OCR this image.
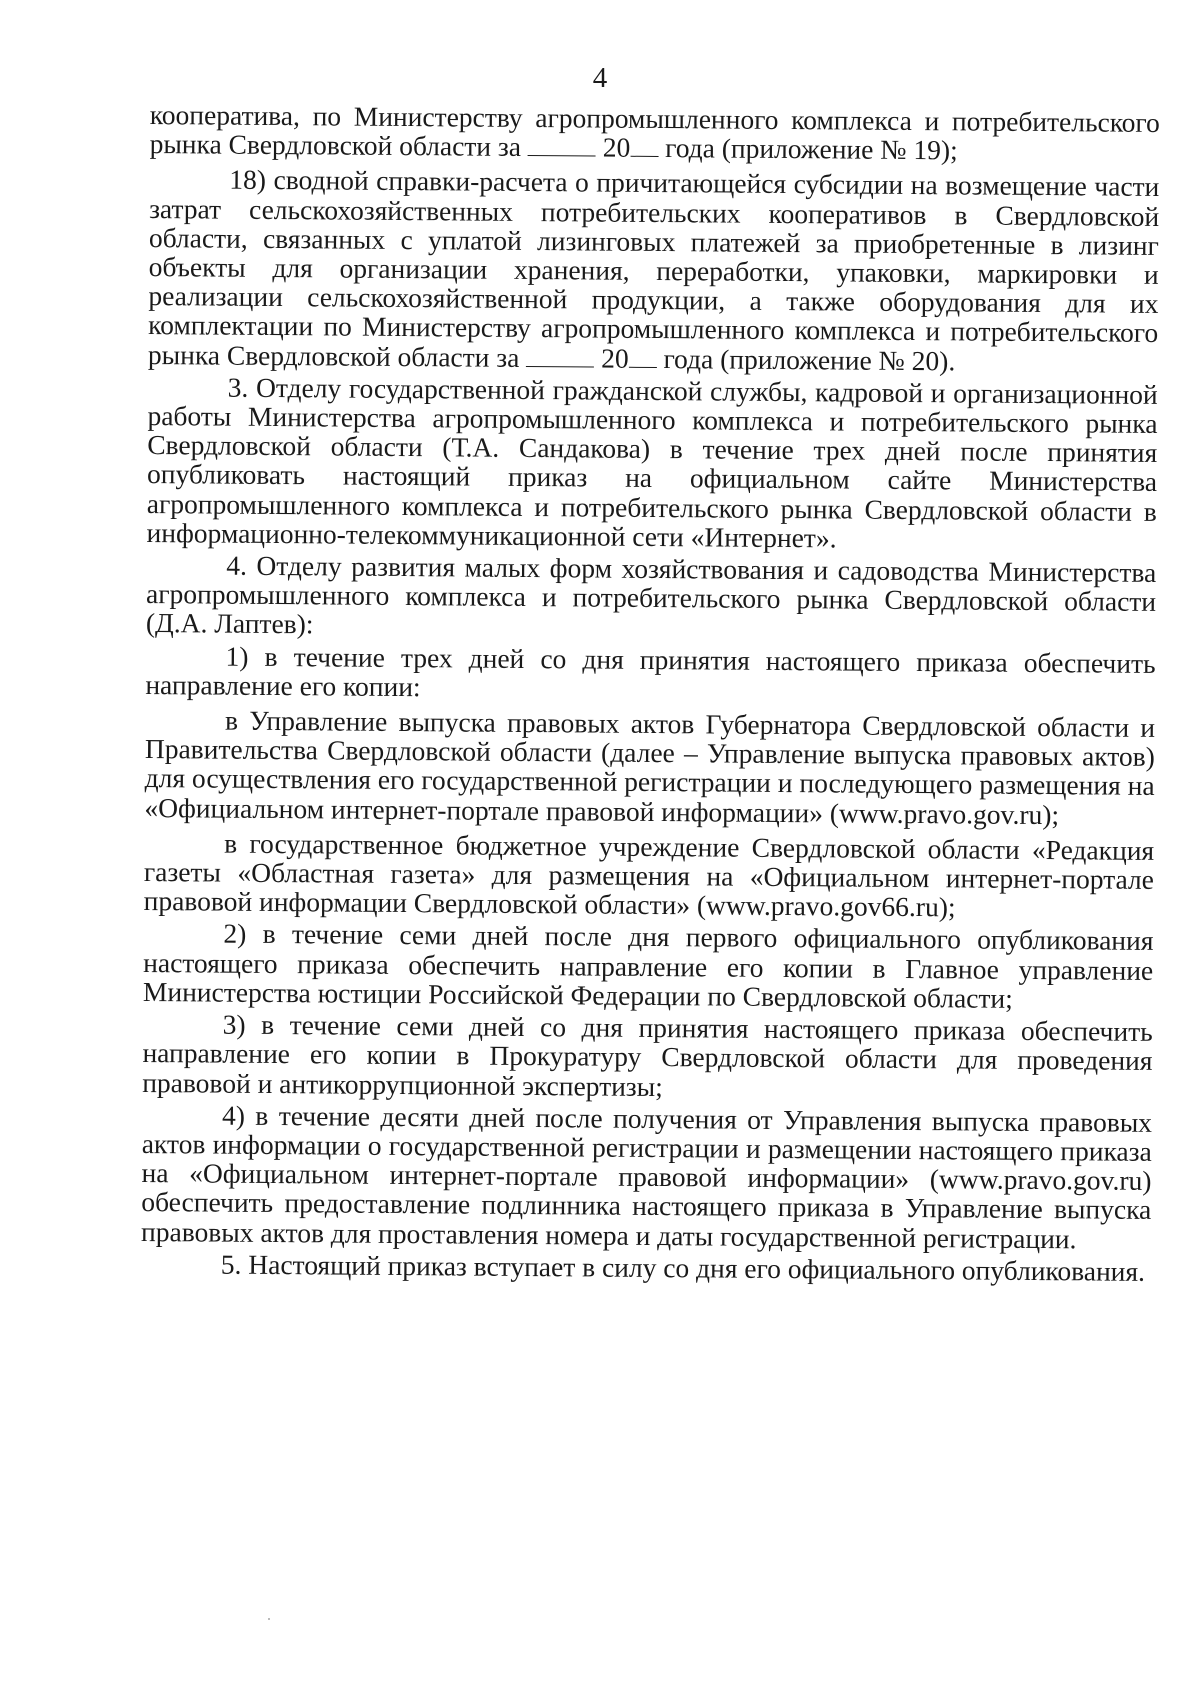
4

кооператива, по Министерству агропромышленного комплекса и потребительского рынка Свердловской области за	20 года (приложение № 19);

18) сводной справки-расчета о причитающейся субсидии на возмещение части затрат сельскохозяйственных потребительских кооперативов в Свердловской области, связанных с уплатой лизинговых платежей за приобретенные в лизинг объекты для организации хранения, переработки, упаковки, маркировки и реализации сельскохозяйственной продукции, а также оборудования для их комплектации по Министерству агропромышленного комплекса и потребительского рынка Свердловской области за	20 года (приложение № 20).

3. Отделу государственной гражданской службы, кадровой и организационной работы Министерства агропромышленного комплекса и потребительского рынка Свердловской области (Т.А. Сандакова) в течение трех дней после принятия опубликовать настоящий приказ на официальном сайте Министерства агропромышленного комплекса и потребительского рынка Свердловской области в информационно-телекоммуникационной сети «Интернет».

4. Отделу развития малых форм хозяйствования и садоводства Министерства агропромышленного комплекса и потребительского рынка Свердловской области (Д.А. Лаптев):

1) в течение трех дней со дня принятия настоящего приказа обеспечить направление его копии:

в Управление выпуска правовых актов Губернатора Свердловской области и Правительства Свердловской области (далее – Управление выпуска правовых актов) для осуществления его государственной регистрации и последующего размещения на «Официальном интернет-портале правовой информации» (www.pravo.gov.ru);

в государственное бюджетное учреждение Свердловской области «Редакция газеты «Областная газета» для размещения на «Официальном интернет-портале правовой информации Свердловской области» (www.pravo.gov66.ru);

2) в течение семи дней после дня первого официального опубликования настоящего приказа обеспечить направление его копии в Главное управление Министерства юстиции Российской Федерации по Свердловской области;

3) в течение семи дней со дня принятия настоящего приказа обеспечить направление его копии в Прокуратуру Свердловской области для проведения правовой и антикоррупционной экспертизы;

4) в течение десяти дней после получения от Управления выпуска правовых актов информации о государственной регистрации и размещении настоящего приказа на «Официальном интернет-портале правовой информации» (www.pravo.gov.ru) обеспечить предоставление подлинника настоящего приказа в Управление выпуска правовых актов для проставления номера и даты государственной регистрации.

5. Настоящий приказ вступает в силу со дня его официального опубликования.
